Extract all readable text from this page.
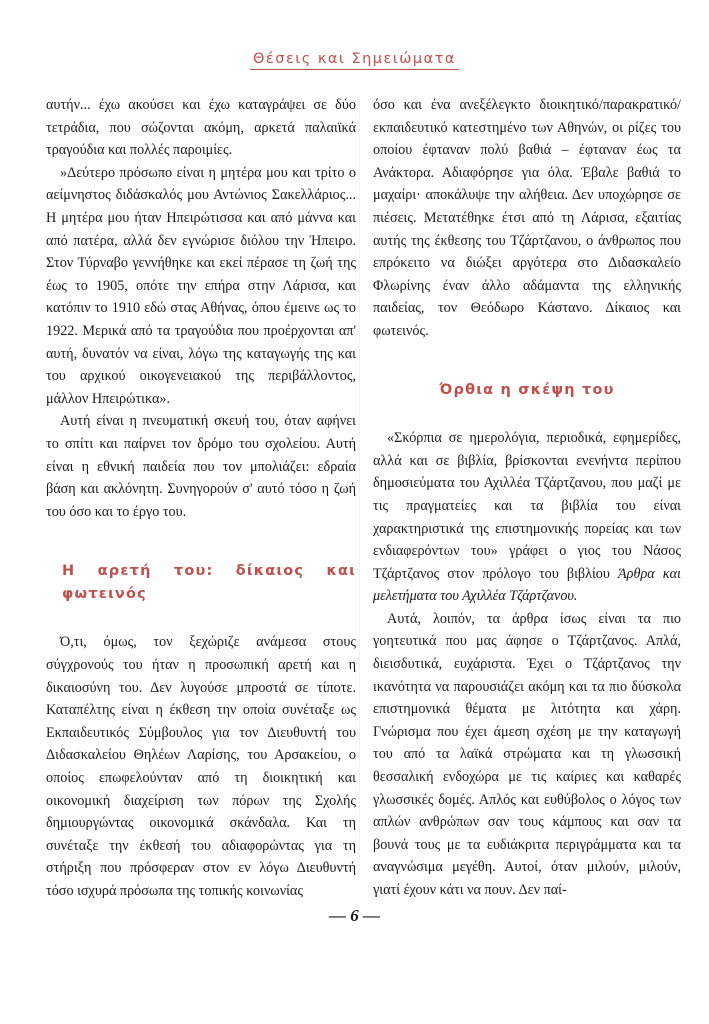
Θέσεις και Σημειώματα

αυτήν... έχω ακούσει και έχω καταγράψει σε δύο τετράδια, που σώζονται ακόμη, αρκετά παλαιϊκά τραγούδια και πολλές παροιμίες.

»Δεύτερο πρόσωπο είναι η μητέρα μου και τρίτο ο αείμνηστος διδάσκαλός μου Αντώνιος Σακελλάριος... Η μητέρα μου ήταν Ηπειρώτισσα και από μάννα και από πατέρα, αλλά δεν εγνώρισε διόλου την Ήπειρο. Στον Τύρναβο γεννήθηκε και εκεί πέρασε τη ζωή της έως το 1905, οπότε την επήρα στην Λάρισα, και κατόπιν το 1910 εδώ στας Αθήνας, όπου έμεινε ως το 1922. Μερικά από τα τραγούδια που προέρχονται απ' αυτή, δυνατόν να είναι, λόγω της καταγωγής της και του αρχικού οικογενειακού της περιβάλλοντος, μάλλον Ηπειρώτικα».

Αυτή είναι η πνευματική σκευή του, όταν αφήνει το σπίτι και παίρνει τον δρόμο του σχολείου. Αυτή είναι η εθνική παιδεία που τον μπολιάζει: εδραία βάση και ακλόνητη. Συνηγορούν σ' αυτό τόσο η ζωή του όσο και το έργο του.

Η αρετή του: δίκαιος και φωτεινός

Ό,τι, όμως, τον ξεχώριζε ανάμεσα στους σύγχρονούς του ήταν η προσωπική αρετή και η δικαιοσύνη του. Δεν λυγούσε μπροστά σε τίποτε. Καταπέλτης είναι η έκθεση την οποία συνέταξε ως Εκπαιδευτικός Σύμβουλος για τον Διευθυντή του Διδασκαλείου Θηλέων Λαρίσης, του Αρσακείου, ο οποίος επωφελούνταν από τη διοικητική και οικονομική διαχείριση των πόρων της Σχολής δημιουργώντας οικονομικά σκάνδαλα. Και τη συνέταξε την έκθεσή του αδιαφορώντας για τη στήριξη που πρόσφεραν στον εν λόγω Διευθυντή τόσο ισχυρά πρόσωπα της τοπικής κοινωνίας

όσο και ένα ανεξέλεγκτο διοικητικό/παρακρατικό/εκπαιδευτικό κατεστημένο των Αθηνών, οι ρίζες του οποίου έφταναν πολύ βαθιά – έφταναν έως τα Ανάκτορα. Αδιαφόρησε για όλα. Έβαλε βαθιά το μαχαίρι· αποκάλυψε την αλήθεια. Δεν υποχώρησε σε πιέσεις. Μετατέθηκε έτσι από τη Λάρισα, εξαιτίας αυτής της έκθεσης του Τζάρτζανου, ο άνθρωπος που επρόκειτο να διώξει αργότερα στο Διδασκαλείο Φλωρίνης έναν άλλο αδάμαντα της ελληνικής παιδείας, τον Θεόδωρο Κάστανο. Δίκαιος και φωτεινός.

Όρθια η σκέψη του

«Σκόρπια σε ημερολόγια, περιοδικά, εφημερίδες, αλλά και σε βιβλία, βρίσκονται ενενήντα περίπου δημοσιεύματα του Αχιλλέα Τζάρτζανου, που μαζί με τις πραγματείες και τα βιβλία του είναι χαρακτηριστικά της επιστημονικής πορείας και των ενδιαφερόντων του» γράφει ο γιος του Νάσος Τζάρτζανος στον πρόλογο του βιβλίου Άρθρα και μελετήματα του Αχιλλέα Τζάρτζανου.

Αυτά, λοιπόν, τα άρθρα ίσως είναι τα πιο γοητευτικά που μας άφησε ο Τζάρτζανος. Απλά, διεισδυτικά, ευχάριστα. Έχει ο Τζάρτζανος την ικανότητα να παρουσιάζει ακόμη και τα πιο δύσκολα επιστημονικά θέματα με λιτότητα και χάρη. Γνώρισμα που έχει άμεση σχέση με την καταγωγή του από τα λαϊκά στρώματα και τη γλωσσική θεσσαλική ενδοχώρα με τις καίριες και καθαρές γλωσσικές δομές. Απλός και ευθύβολος ο λόγος των απλών ανθρώπων σαν τους κάμπους και σαν τα βουνά τους με τα ευδιάκριτα περιγράμματα και τα αναγνώσιμα μεγέθη. Αυτοί, όταν μιλούν, μιλούν, γιατί έχουν κάτι να πουν. Δεν παί-

— 6 —
